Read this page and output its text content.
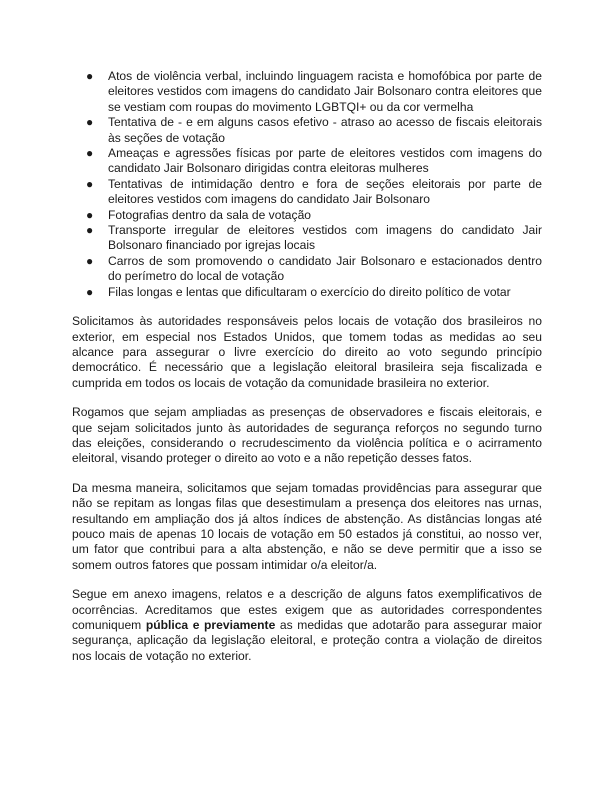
● Atos de violência verbal, incluindo linguagem racista e homofóbica por parte de eleitores vestidos com imagens do candidato Jair Bolsonaro contra eleitores que se vestiam com roupas do movimento LGBTQI+ ou da cor vermelha
● Tentativa de - e em alguns casos efetivo - atraso ao acesso de fiscais eleitorais às seções de votação
● Ameaças e agressões físicas por parte de eleitores vestidos com imagens do candidato Jair Bolsonaro dirigidas contra eleitoras mulheres
● Tentativas de intimidação dentro e fora de seções eleitorais por parte de eleitores vestidos com imagens do candidato Jair Bolsonaro
● Fotografias dentro da sala de votação
● Transporte irregular de eleitores vestidos com imagens do candidato Jair Bolsonaro financiado por igrejas locais
● Carros de som promovendo o candidato Jair Bolsonaro e estacionados dentro do perímetro do local de votação
● Filas longas e lentas que dificultaram o exercício do direito político de votar

Solicitamos às autoridades responsáveis pelos locais de votação dos brasileiros no exterior, em especial nos Estados Unidos, que tomem todas as medidas ao seu alcance para assegurar o livre exercício do direito ao voto segundo princípio democrático. É necessário que a legislação eleitoral brasileira seja fiscalizada e cumprida em todos os locais de votação da comunidade brasileira no exterior.

Rogamos que sejam ampliadas as presenças de observadores e fiscais eleitorais, e que sejam solicitados junto às autoridades de segurança reforços no segundo turno das eleições, considerando o recrudescimento da violência política e o acirramento eleitoral, visando proteger o direito ao voto e a não repetição desses fatos.

Da mesma maneira, solicitamos que sejam tomadas providências para assegurar que não se repitam as longas filas que desestimulam a presença dos eleitores nas urnas, resultando em ampliação dos já altos índices de abstenção. As distâncias longas até pouco mais de apenas 10 locais de votação em 50 estados já constitui, ao nosso ver, um fator que contribui para a alta abstenção, e não se deve permitir que a isso se somem outros fatores que possam intimidar o/a eleitor/a.

Segue em anexo imagens, relatos e a descrição de alguns fatos exemplificativos de ocorrências. Acreditamos que estes exigem que as autoridades correspondentes comuniquem pública e previamente as medidas que adotarão para assegurar maior segurança, aplicação da legislação eleitoral, e proteção contra a violação de direitos nos locais de votação no exterior.
